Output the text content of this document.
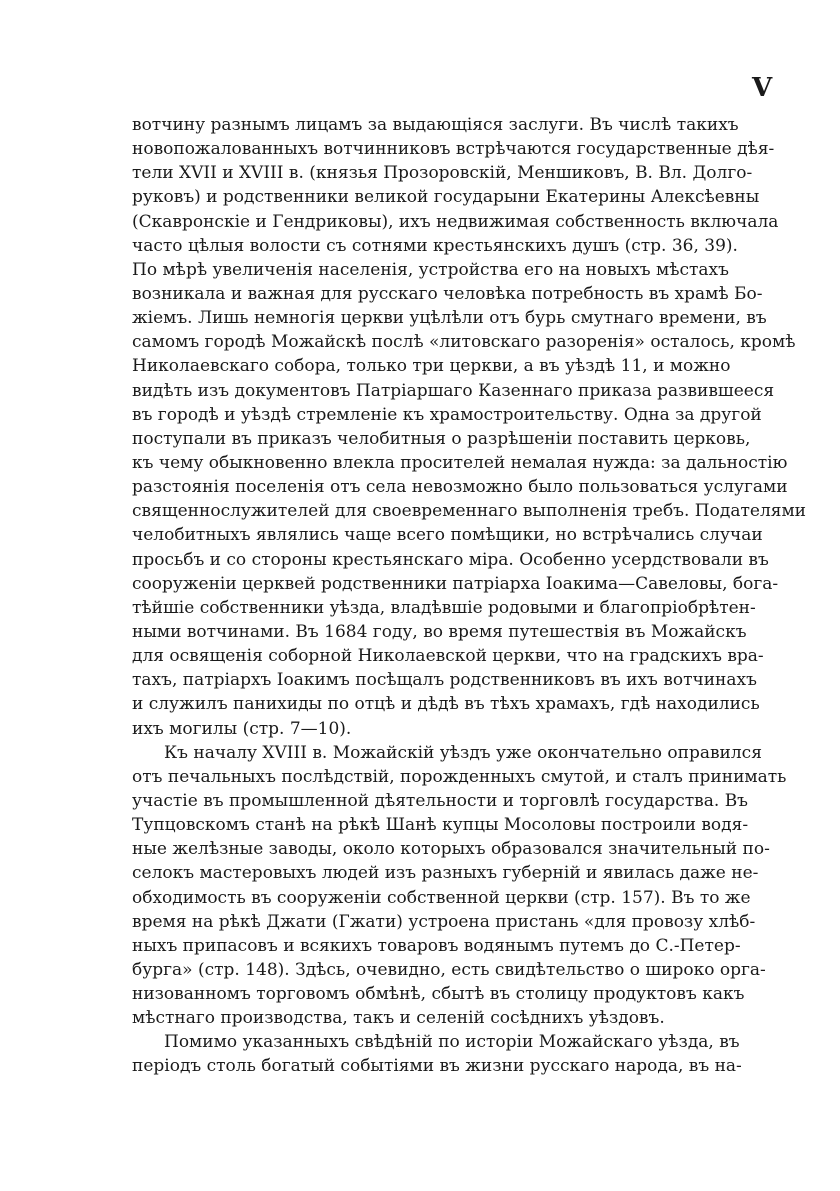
V
вотчину разнымъ лицамъ за выдающіяся заслуги. Въ числѣ такихъ
новопожалованныхъ вотчинниковъ встрѣчаются государственные дѣя-
тели XVII и XVIII в. (князья Прозоровскій, Меншиковъ, В. Вл. Долго-
руковъ) и родственники великой государыни Екатерины Алексѣевны
(Скавронскіе и Гендриковы), ихъ недвижимая собственность включала
часто цѣлыя волости съ сотнями крестьянскихъ душъ (стр. 36, 39).
По мѣрѣ увеличенія населенія, устройства его на новыхъ мѣстахъ
возникала и важная для русскаго человѣка потребность въ храмѣ Бо-
жіемъ. Лишь немногія церкви уцѣлѣли отъ бурь смутнаго времени, въ
самомъ городѣ Можайскѣ послѣ «литовскаго разоренія» осталось, кромѣ
Николаевскаго собора, только три церкви, а въ уѣздѣ 11, и можно
видѣть изъ документовъ Патріаршаго Казеннаго приказа развившееся
въ городѣ и уѣздѣ стремленіе къ храмостроительству. Одна за другой
поступали въ приказъ челобитныя о разрѣшеніи поставить церковь,
къ чему обыкновенно влекла просителей немалая нужда: за дальностію
разстоянія поселенія отъ села невозможно было пользоваться услугами
священнослужителей для своевременнаго выполненія требъ. Подателями
челобитныхъ являлись чаще всего помѣщики, но встрѣчались случаи
просьбъ и со стороны крестьянскаго міра. Особенно усердствовали въ
сооруженіи церквей родственники патріарха Іоакима—Савеловы, бога-
тѣйшіе собственники уѣзда, владѣвшіе родовыми и благопріобрѣтен-
ными вотчинами. Въ 1684 году, во время путешествія въ Можайскъ
для освященія соборной Николаевской церкви, что на градскихъ вра-
тахъ, патріархъ Іоакимъ посѣщалъ родственниковъ въ ихъ вотчинахъ
и служилъ панихиды по отцѣ и дѣдѣ въ тѣхъ храмахъ, гдѣ находились
ихъ могилы (стр. 7—10).
Къ началу XVIII в. Можайскій уѣздъ уже окончательно оправился
отъ печальныхъ послѣдствій, порожденныхъ смутой, и сталъ принимать
участіе въ промышленной дѣятельности и торговлѣ государства. Въ
Тупцовскомъ станѣ на рѣкѣ Шанѣ купцы Мосоловы построили водя-
ные желѣзные заводы, около которыхъ образовался значительный по-
селокъ мастеровыхъ людей изъ разныхъ губерній и явилась даже не-
обходимость въ сооруженіи собственной церкви (стр. 157). Въ то же
время на рѣкѣ Джати (Гжати) устроена пристань «для провозу хлѣб-
ныхъ припасовъ и всякихъ товаровъ водянымъ путемъ до С.-Петер-
бурга» (стр. 148). Здѣсь, очевидно, есть свидѣтельство о широко орга-
низованномъ торговомъ обмѣнѣ, сбытѣ въ столицу продуктовъ какъ
мѣстнаго производства, такъ и селеній сосѣднихъ уѣздовъ.
Помимо указанныхъ свѣдѣній по исторіи Можайскаго уѣзда, въ
періодъ столь богатый событіями въ жизни русскаго народа, въ на-
